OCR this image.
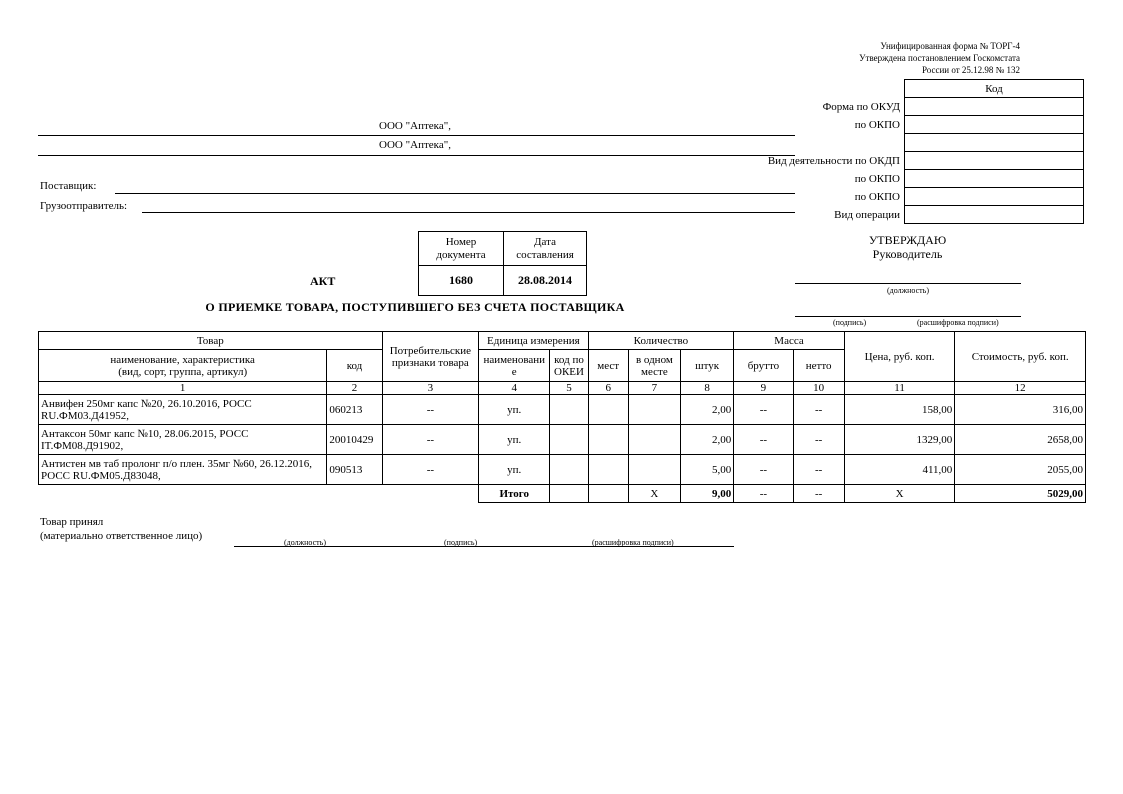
Унифицированная форма № ТОРГ-4
Утверждена постановлением Госкомстата
России от 25.12.98 № 132
	Код
Форма по ОКУД	
по ОКПО	

Вид деятельности по ОКДП	
по ОКПО	
по ОКПО	
Вид операции	
ООО "Аптека",
ООО "Аптека",
Поставщик:
Грузоотправитель:
УТВЕРЖДАЮ
Руководитель
(должность)
(подпись)	(расшифровка подписи)
АКТ
Номер документа	Дата составления
1680	28.08.2014
О ПРИЕМКЕ ТОВАРА, ПОСТУПИВШЕГО БЕЗ СЧЕТА ПОСТАВЩИКА
Товар		Потребительские признаки товара	Единица измерения		Количество			Масса		Цена, руб. коп.	Стоимость, руб. коп.
наименование, характеристика (вид, сорт, группа, артикул)	код		наименовани е	код по ОКЕИ	мест	в одном месте	штук	брутто	нетто		
1	2	3	4	5	6	7	8	9	10	11	12
Анвифен 250мг капс №20, 26.10.2016, РОСС RU.ФМ03.Д41952,	060213	--	уп.				2,00	--	--	158,00	316,00
Антаксон 50мг капс №10, 28.06.2015, РОСС IT.ФМ08.Д91902,	20010429	--	уп.				2,00	--	--	1329,00	2658,00
Антистен мв таб пролонг п/о плен. 35мг №60, 26.12.2016, РОСС RU.ФМ05.Д83048,	090513	--	уп.				5,00	--	--	411,00	2055,00
			Итого			X	9,00	--	--	X	5029,00
Товар принял
(материально ответственное лицо)
(должность)	(подпись)	(расшифровка подписи)
